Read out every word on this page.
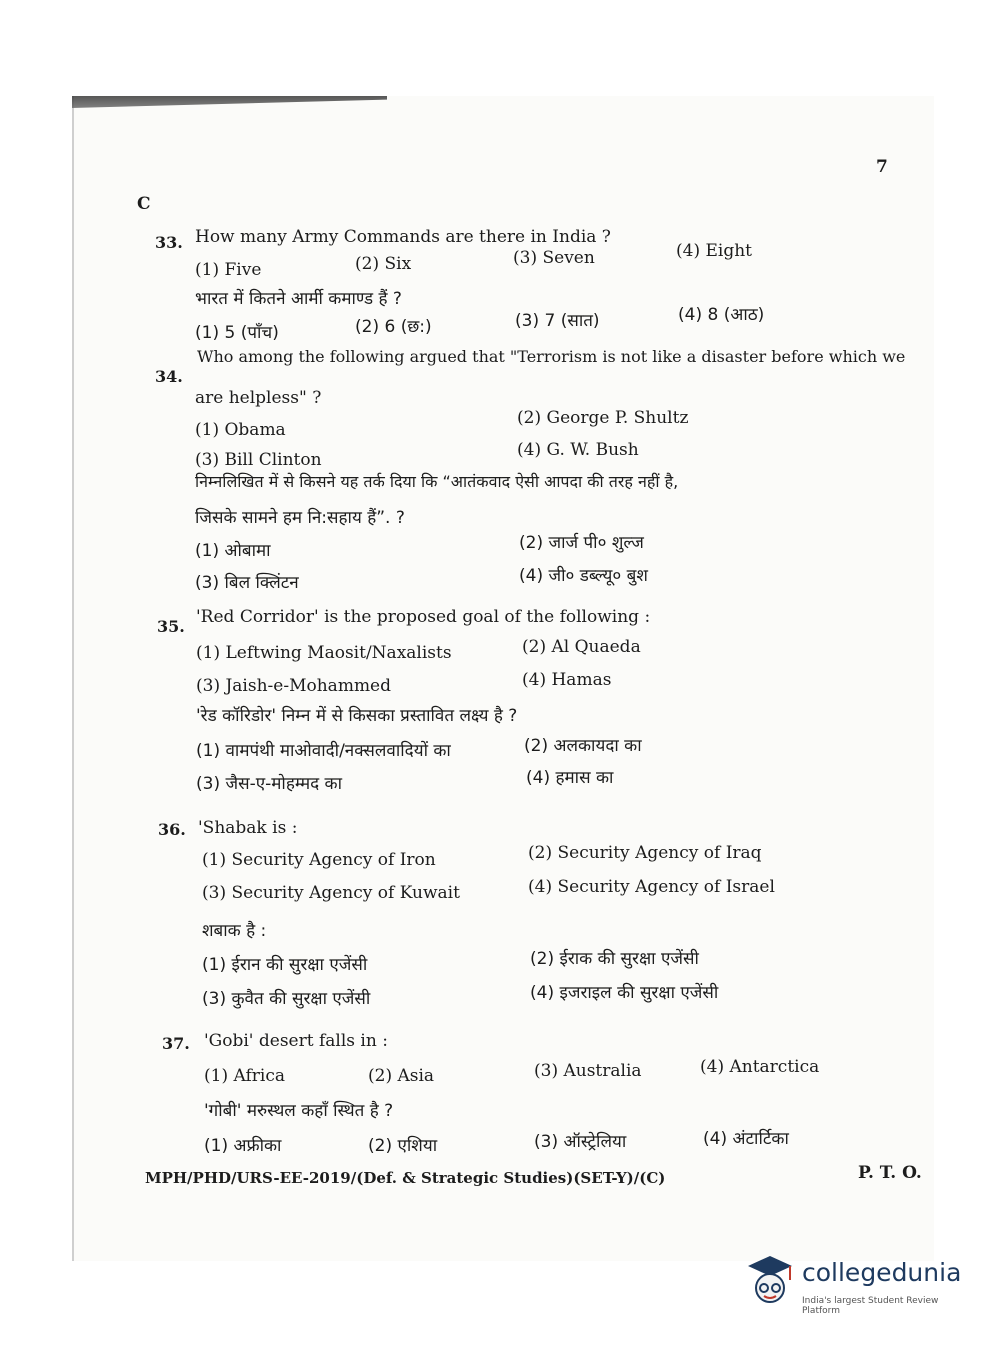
7
C
33. How many Army Commands are there in India ?
(1) Five	(2) Six	(3) Seven	(4) Eight
भारत में कितने आर्मी कमाण्ड हैं ?
(1) 5 (पाँच)	(2) 6 (छ:)	(3) 7 (सात)	(4) 8 (आठ)
34.
Who among the following argued that "Terrorism is not like a disaster before which we
are helpless" ?
(1) Obama
(2) George P. Shultz
(3) Bill Clinton	(4) G. W. Bush
निम्नलिखित में से किसने यह तर्क दिया कि “आतंकवाद ऐसी आपदा की तरह नहीं है,
जिसके सामने हम नि:सहाय हैं”. ?
(1) ओबामा	(2) जार्ज पी० शुल्ज
(3) बिल क्लिंटन	(4) जी० डब्ल्यू० बुश
35. 'Red Corridor' is the proposed goal of the following :
(1) Leftwing Maosit/Naxalists	(2) Al Quaeda
(3) Jaish-e-Mohammed	(4) Hamas
'रेड कॉरिडोर' निम्न में से किसका प्रस्तावित लक्ष्य है ?
(1) वामपंथी माओवादी/नक्सलवादियों का	(2) अलकायदा का
(3) जैस-ए-मोहम्मद का	(4) हमास का
36. 'Shabak is :
(1) Security Agency of Iron	(2) Security Agency of Iraq
(3) Security Agency of Kuwait	(4) Security Agency of Israel
शबाक है :
(1) ईरान की सुरक्षा एजेंसी	(2) ईराक की सुरक्षा एजेंसी
(3) कुवैत की सुरक्षा एजेंसी	(4) इजराइल की सुरक्षा एजेंसी
37. 'Gobi' desert falls in :
(1) Africa	(2) Asia	(3) Australia	(4) Antarctica
'गोबी' मरुस्थल कहाँ स्थित है ?
(1) अफ्रीका	(2) एशिया	(3) ऑस्ट्रेलिया	(4) अंटार्टिका
MPH/PHD/URS-EE-2019/(Def. & Strategic Studies)(SET-Y)/(C)	P. T. O.
collegedunia
India's largest Student Review Platform
